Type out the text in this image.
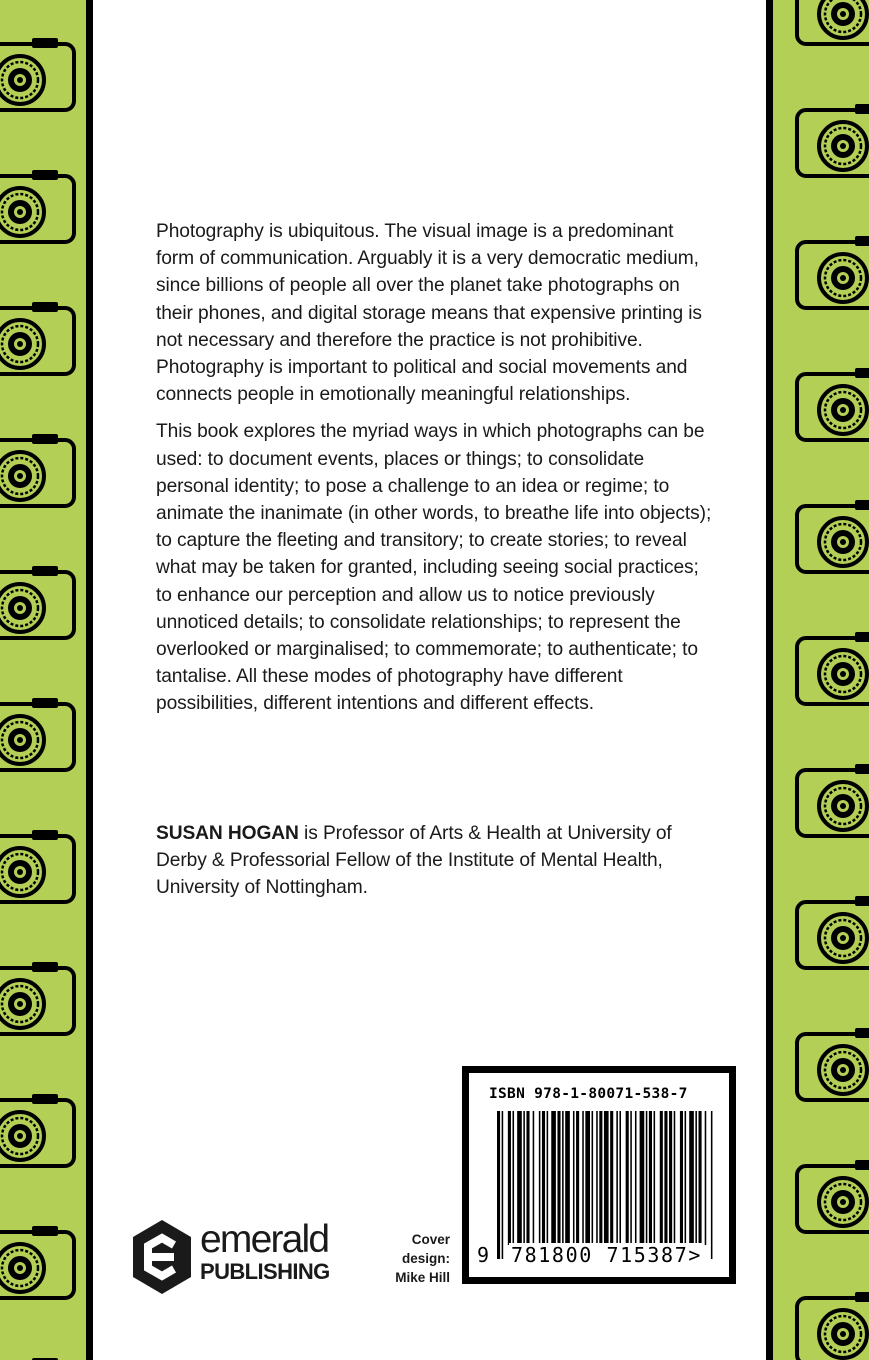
Photography is ubiquitous. The visual image is a predominant form of communication. Arguably it is a very democratic medium, since billions of people all over the planet take photographs on their phones, and digital storage means that expensive printing is not necessary and therefore the practice is not prohibitive. Photography is important to political and social movements and connects people in emotionally meaningful relationships.

This book explores the myriad ways in which photographs can be used: to document events, places or things; to consolidate personal identity; to pose a challenge to an idea or regime; to animate the inanimate (in other words, to breathe life into objects); to capture the fleeting and transitory; to create stories; to reveal what may be taken for granted, including seeing social practices; to enhance our perception and allow us to notice previously unnoticed details; to consolidate relationships; to represent the overlooked or marginalised; to commemorate; to authenticate; to tantalise. All these modes of photography have different possibilities, different intentions and different effects.

SUSAN HOGAN is Professor of Arts & Health at University of Derby & Professorial Fellow of the Institute of Mental Health, University of Nottingham.
emerald
PUBLISHING
Cover
design:
Mike Hill
ISBN 978-1-80071-538-7
9 781800 715387>
